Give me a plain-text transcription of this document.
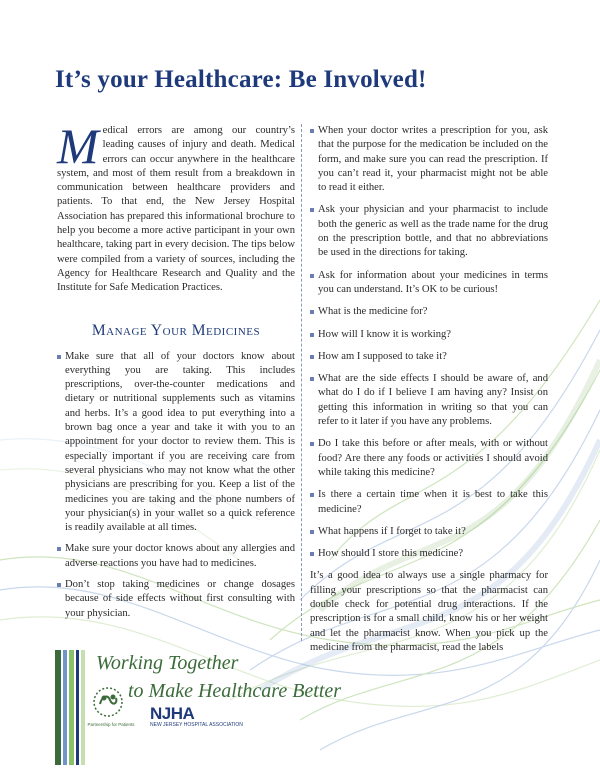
It’s your Healthcare: Be Involved!

Medical errors are among our country’s leading causes of injury and death. Medical errors can occur anywhere in the healthcare system, and most of them result from a breakdown in communication between healthcare providers and patients. To that end, the New Jersey Hospital Association has prepared this informational brochure to help you become a more active participant in your own healthcare, taking part in every decision. The tips below were compiled from a variety of sources, including the Agency for Healthcare Research and Quality and the Institute for Safe Medication Practices.

Manage Your Medicines
Make sure that all of your doctors know about everything you are taking. This includes prescriptions, over-the-counter medications and dietary or nutritional supplements such as vitamins and herbs. It’s a good idea to put everything into a brown bag once a year and take it with you to an appointment for your doctor to review them. This is especially important if you are receiving care from several physicians who may not know what the other physicians are prescribing for you. Keep a list of the medicines you are taking and the phone numbers of your physician(s) in your wallet so a quick reference is readily available at all times.
Make sure your doctor knows about any allergies and adverse reactions you have had to medicines.
Don’t stop taking medicines or change dosages because of side effects without first consulting with your physician.
When your doctor writes a prescription for you, ask that the purpose for the medication be included on the form, and make sure you can read the prescription. If you can’t read it, your pharmacist might not be able to read it either.
Ask your physician and your pharmacist to include both the generic as well as the trade name for the drug on the prescription bottle, and that no abbreviations be used in the directions for taking.
Ask for information about your medicines in terms you can understand. It’s OK to be curious!
What is the medicine for?
How will I know it is working?
How am I supposed to take it?
What are the side effects I should be aware of, and what do I do if I believe I am having any? Insist on getting this information in writing so that you can refer to it later if you have any problems.
Do I take this before or after meals, with or without food? Are there any foods or activities I should avoid while taking this medicine?
Is there a certain time when it is best to take this medicine?
What happens if I forget to take it?
How should I store this medicine?

It’s a good idea to always use a single pharmacy for filling your prescriptions so that the pharmacist can double check for potential drug interactions. If the prescription is for a small child, know his or her weight and let the pharmacist know. When you pick up the medicine from the pharmacist, read the labels

Working Together
to Make Healthcare Better
Partnership for Patients
NJHA
NEW JERSEY HOSPITAL ASSOCIATION
